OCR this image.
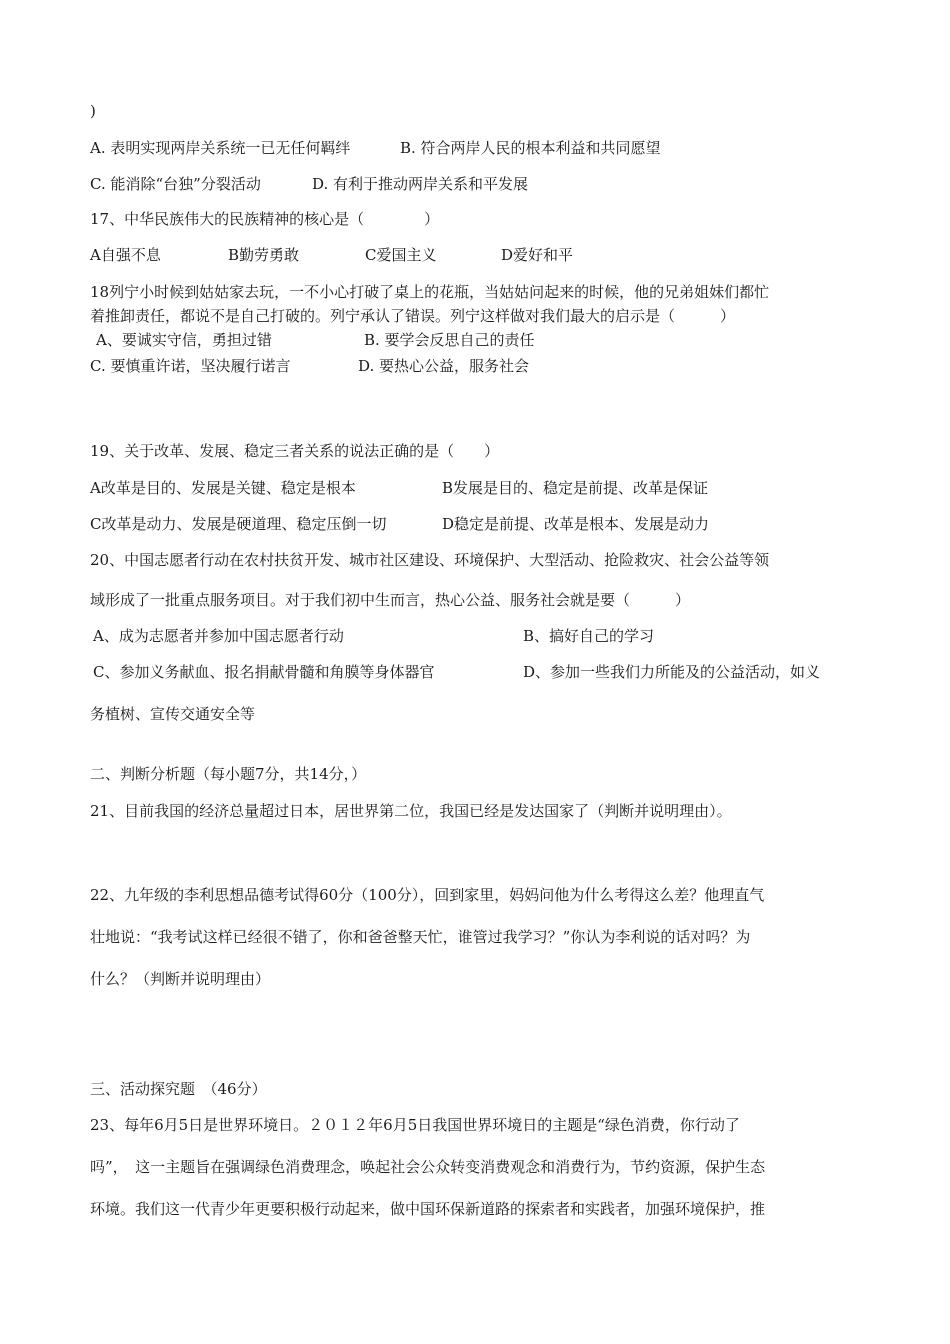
)
A. 表明实现两岸关系统一已无任何羁绊	B. 符合两岸人民的根本利益和共同愿望
C. 能消除“台独”分裂活动	D. 有利于推动两岸关系和平发展
17、中华民族伟大的民族精神的核心是（　　　　）
A自强不息	B勤劳勇敢	C爱国主义	D爱好和平
18列宁小时候到姑姑家去玩，一不小心打破了桌上的花瓶，当姑姑问起来的时候，他的兄弟姐妹们都忙
着推卸责任，都说不是自己打破的。列宁承认了错误。列宁这样做对我们最大的启示是（　　　）
A、要诚实守信，勇担过错	B. 要学会反思自己的责任
C. 要慎重许诺，坚决履行诺言	D. 要热心公益，服务社会
19、关于改革、发展、稳定三者关系的说法正确的是（　　）
A改革是目的、发展是关键、稳定是根本	B发展是目的、稳定是前提、改革是保证
C改革是动力、发展是硬道理、稳定压倒一切	D稳定是前提、改革是根本、发展是动力
20、中国志愿者行动在农村扶贫开发、城市社区建设、环境保护、大型活动、抢险救灾、社会公益等领
域形成了一批重点服务项目。对于我们初中生而言，热心公益、服务社会就是要（　　　）
A、成为志愿者并参加中国志愿者行动	B、搞好自己的学习
C、参加义务献血、报名捐献骨髓和角膜等身体器官	D、参加一些我们力所能及的公益活动，如义
务植树、宣传交通安全等
二、判断分析题（每小题7分，共14分，）
21、目前我国的经济总量超过日本，居世界第二位，我国已经是发达国家了（判断并说明理由）。
22、九年级的李利思想品德考试得60分（100分），回到家里，妈妈问他为什么考得这么差？他理直气
壮地说：“我考试这样已经很不错了，你和爸爸整天忙，谁管过我学习？”你认为李利说的话对吗？为
什么？（判断并说明理由）
三、活动探究题　（46分）
23、每年6月5日是世界环境日。２０１２年6月5日我国世界环境日的主题是“绿色消费，你行动了
吗”，　这一主题旨在强调绿色消费理念，唤起社会公众转变消费观念和消费行为，节约资源，保护生态
环境。我们这一代青少年更要积极行动起来，做中国环保新道路的探索者和实践者，加强环境保护，推
